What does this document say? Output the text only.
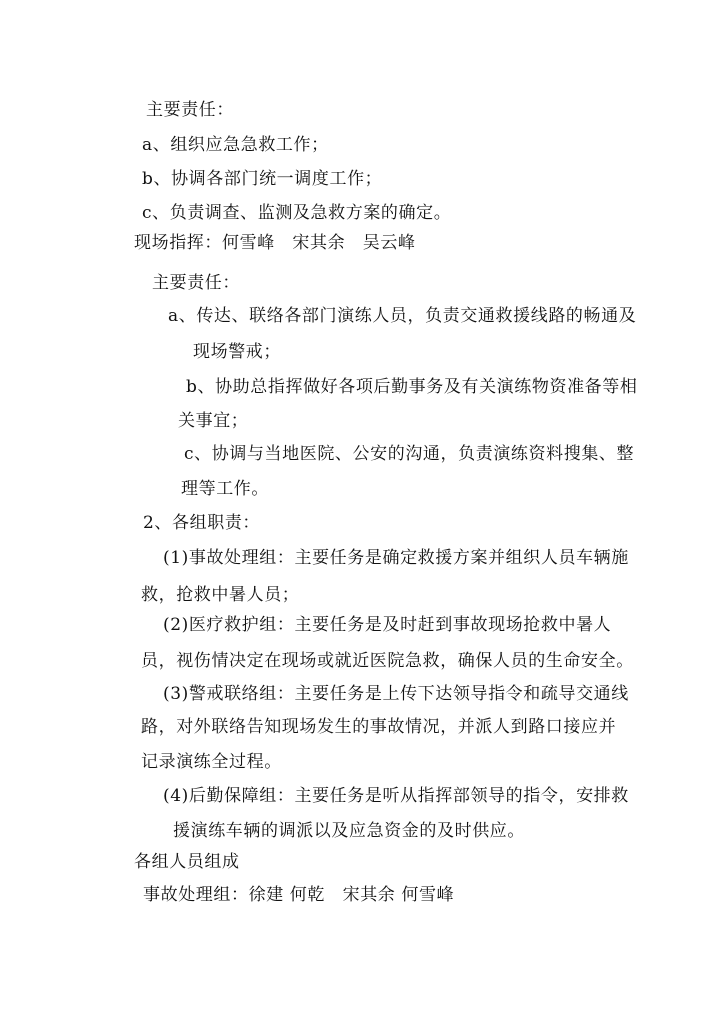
主要责任：
a、组织应急急救工作；
b、协调各部门统一调度工作；
c、负责调查、监测及急救方案的确定。
现场指挥：何雪峰　宋其余　吴云峰
主要责任：
a、传达、联络各部门演练人员，负责交通救援线路的畅通及
现场警戒；
b、协助总指挥做好各项后勤事务及有关演练物资准备等相
关事宜；
c、协调与当地医院、公安的沟通，负责演练资料搜集、整
理等工作。
2、各组职责：
(1)事故处理组：主要任务是确定救援方案并组织人员车辆施
救，抢救中暑人员；
(2)医疗救护组：主要任务是及时赶到事故现场抢救中暑人
员，视伤情决定在现场或就近医院急救，确保人员的生命安全。
(3)警戒联络组：主要任务是上传下达领导指令和疏导交通线
路，对外联络告知现场发生的事故情况，并派人到路口接应并
记录演练全过程。
(4)后勤保障组：主要任务是听从指挥部领导的指令，安排救
援演练车辆的调派以及应急资金的及时供应。
各组人员组成
事故处理组：徐建 何乾　宋其余 何雪峰
